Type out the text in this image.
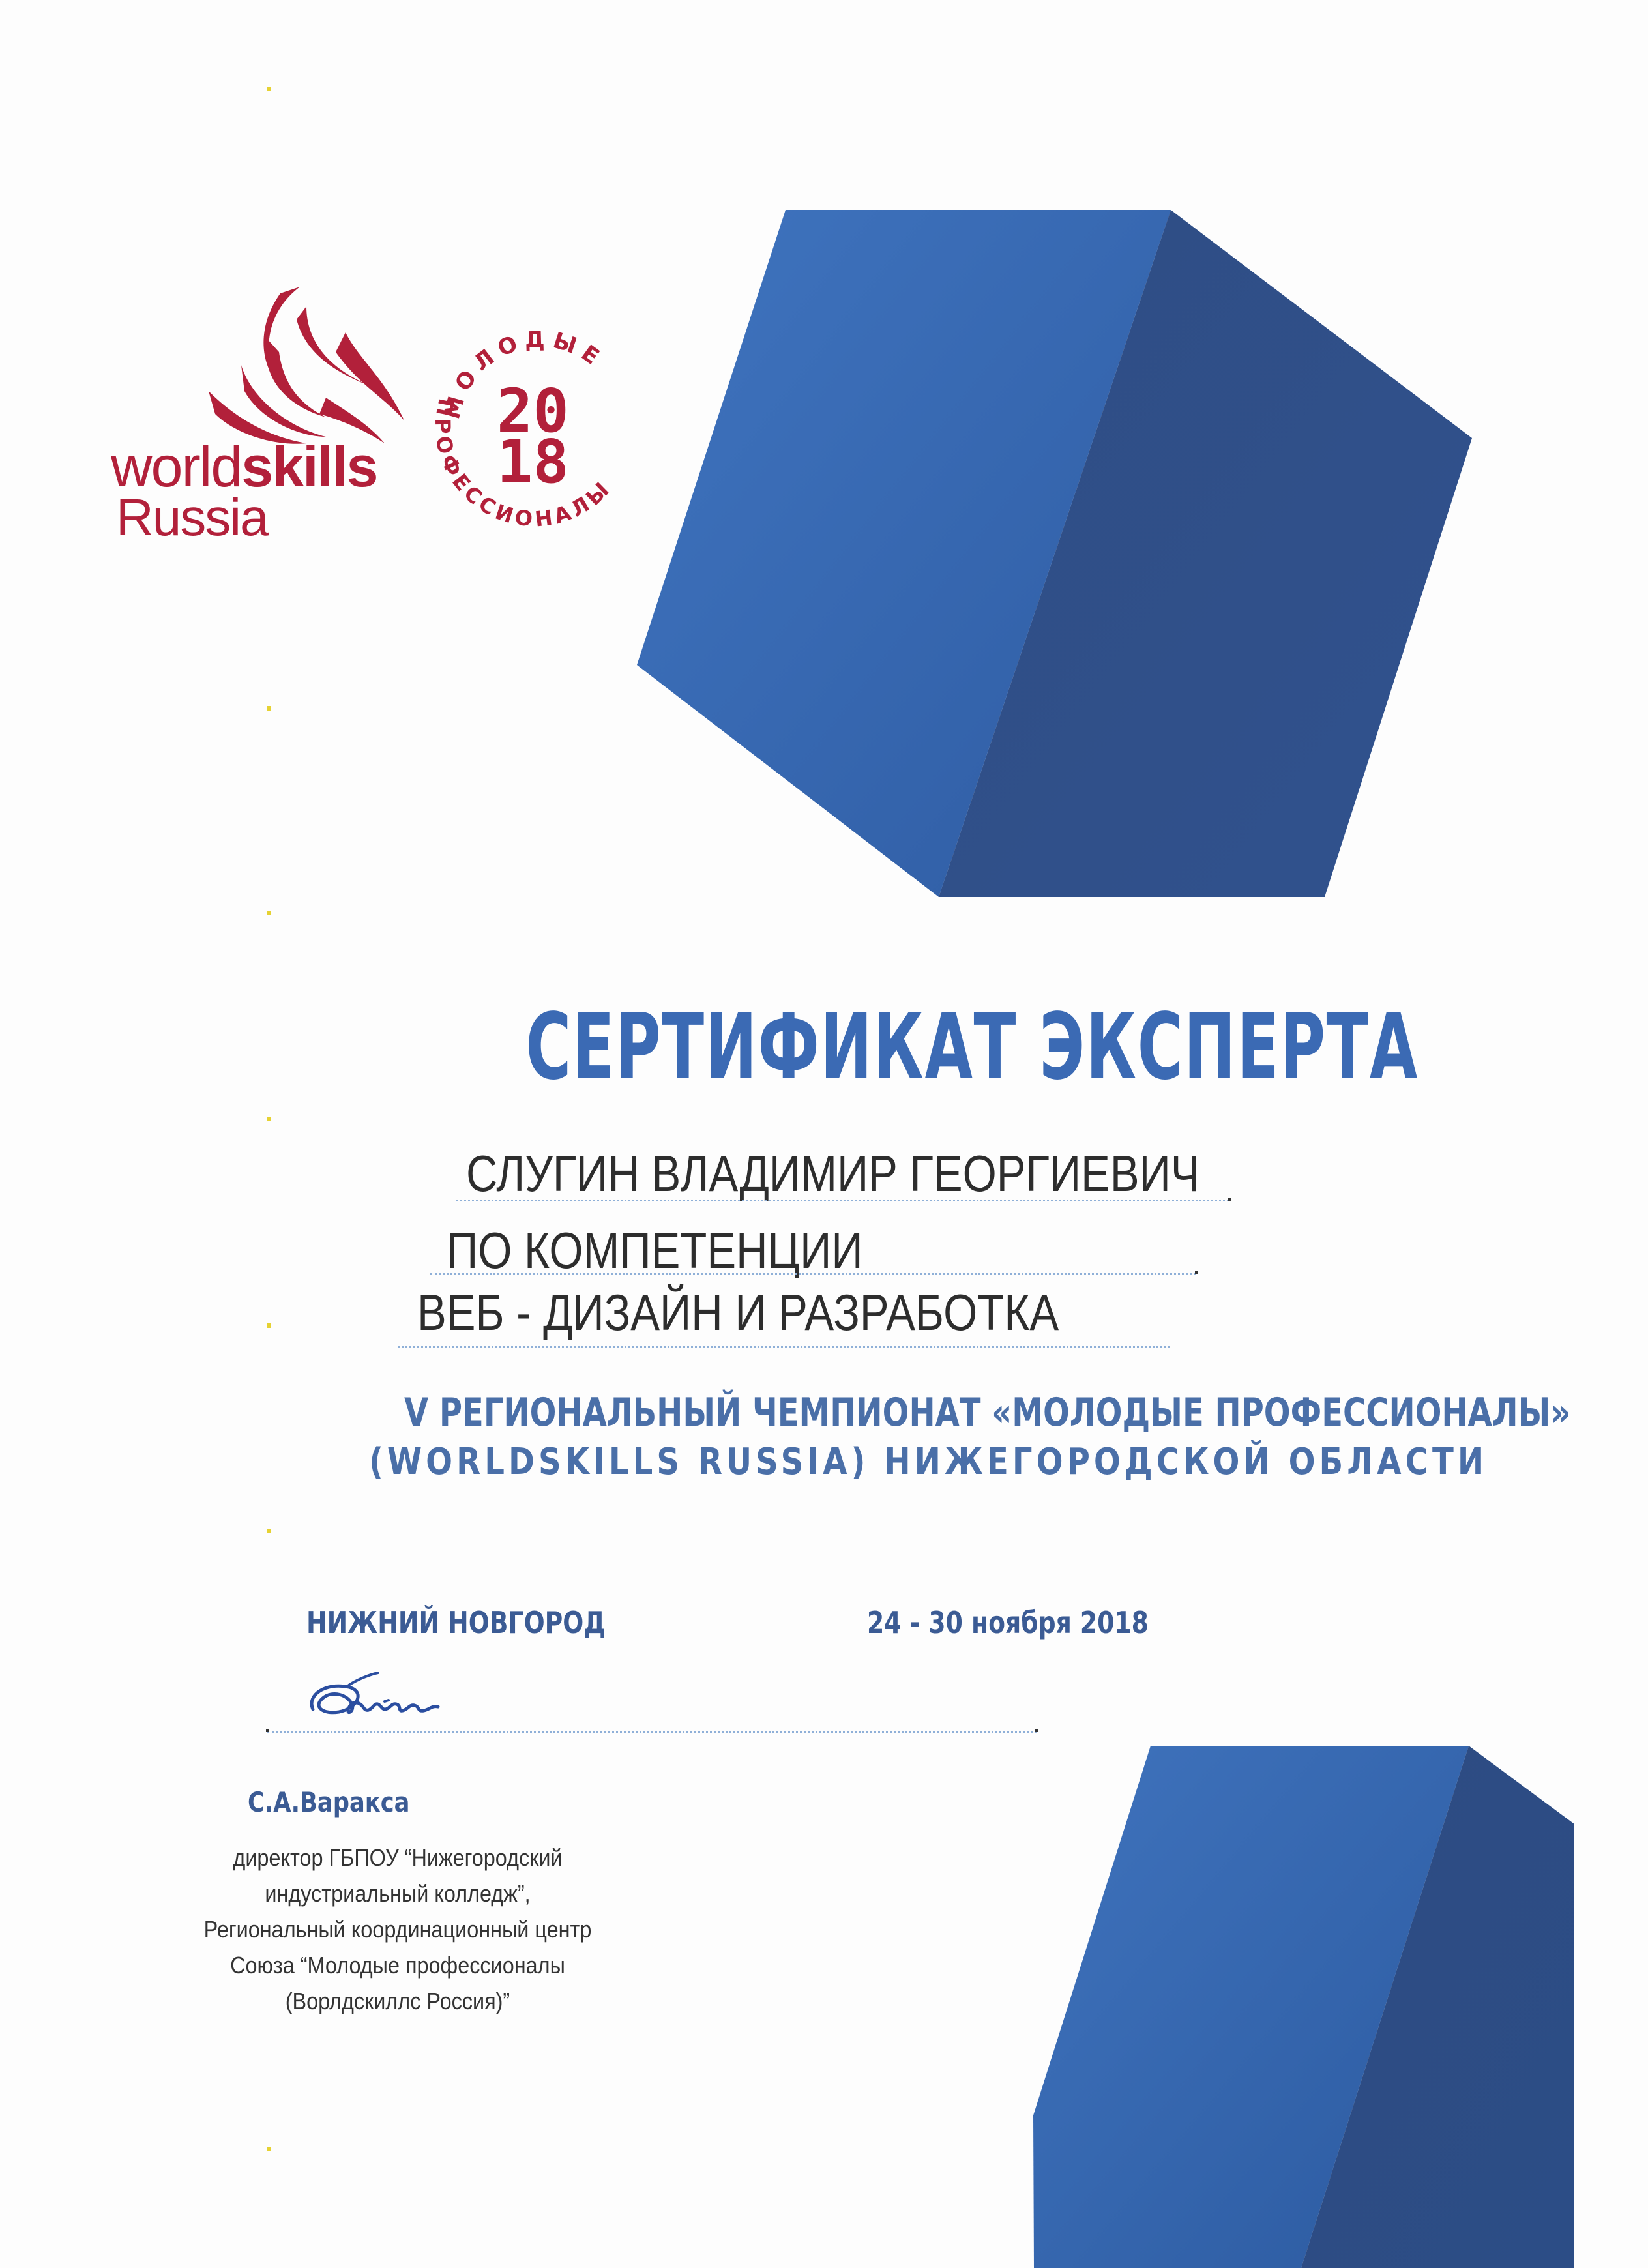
worldskills
Russia
МОЛОДЫЕ
ФЕССИОНАЛЫ
20
18
СЕРТИФИКАТ ЭКСПЕРТА
СЛУГИН ВЛАДИМИР ГЕОРГИЕВИЧ
ПО КОМПЕТЕНЦИИ
ВЕБ - ДИЗАЙН И РАЗРАБОТКА
V РЕГИОНАЛЬНЫЙ ЧЕМПИОНАТ «МОЛОДЫЕ ПРОФЕССИОНАЛЫ»
(WORLDSKILLS RUSSIA) НИЖЕГОРОДСКОЙ ОБЛАСТИ
НИЖНИЙ НОВГОРОД	24 - 30 ноября 2018
С.А.Варакса
директор ГБПОУ “Нижегородский
индустриальный колледж”,
Региональный координационный центр
Союза “Молодые профессионалы
(Ворлдскиллс Россия)”
